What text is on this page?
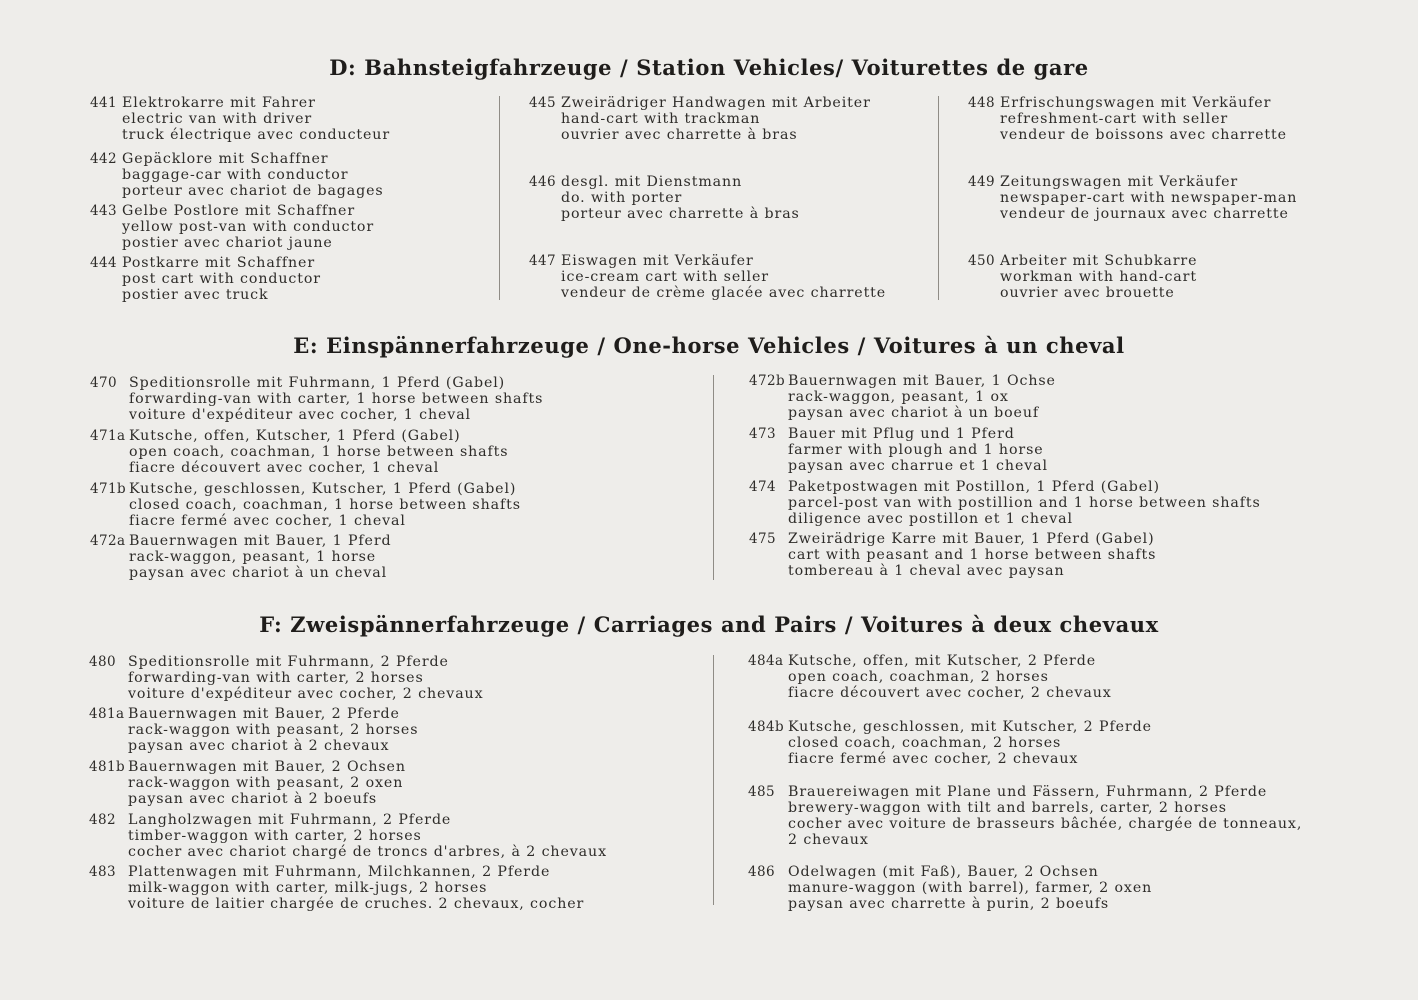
D: Bahnsteigfahrzeuge / Station Vehicles/ Voiturettes de gare
E: Einspännerfahrzeuge / One-horse Vehicles / Voitures à un cheval
F: Zweispännerfahrzeuge / Carriages and Pairs / Voitures à deux chevaux
441 Elektrokarre mit Fahrer
electric van with driver
truck électrique avec conducteur
442 Gepäcklore mit Schaffner
baggage-car with conductor
porteur avec chariot de bagages
443 Gelbe Postlore mit Schaffner
yellow post-van with conductor
postier avec chariot jaune
444 Postkarre mit Schaffner
post cart with conductor
postier avec truck
445 Zweirädriger Handwagen mit Arbeiter
hand-cart with trackman
ouvrier avec charrette à bras
446 desgl. mit Dienstmann
do. with porter
porteur avec charrette à bras
447 Eiswagen mit Verkäufer
ice-cream cart with seller
vendeur de crème glacée avec charrette
448 Erfrischungswagen mit Verkäufer
refreshment-cart with seller
vendeur de boissons avec charrette
449 Zeitungswagen mit Verkäufer
newspaper-cart with newspaper-man
vendeur de journaux avec charrette
450 Arbeiter mit Schubkarre
workman with hand-cart
ouvrier avec brouette
470 Speditionsrolle mit Fuhrmann, 1 Pferd (Gabel)
forwarding-van with carter, 1 horse between shafts
voiture d'expéditeur avec cocher, 1 cheval
471a Kutsche, offen, Kutscher, 1 Pferd (Gabel)
open coach, coachman, 1 horse between shafts
fiacre découvert avec cocher, 1 cheval
471b Kutsche, geschlossen, Kutscher, 1 Pferd (Gabel)
closed coach, coachman, 1 horse between shafts
fiacre fermé avec cocher, 1 cheval
472a Bauernwagen mit Bauer, 1 Pferd
rack-waggon, peasant, 1 horse
paysan avec chariot à un cheval
472b Bauernwagen mit Bauer, 1 Ochse
rack-waggon, peasant, 1 ox
paysan avec chariot à un boeuf
473 Bauer mit Pflug und 1 Pferd
farmer with plough and 1 horse
paysan avec charrue et 1 cheval
474 Paketpostwagen mit Postillon, 1 Pferd (Gabel)
parcel-post van with postillion and 1 horse between shafts
diligence avec postillon et 1 cheval
475 Zweirädrige Karre mit Bauer, 1 Pferd (Gabel)
cart with peasant and 1 horse between shafts
tombereau à 1 cheval avec paysan
480 Speditionsrolle mit Fuhrmann, 2 Pferde
forwarding-van with carter, 2 horses
voiture d'expéditeur avec cocher, 2 chevaux
481a Bauernwagen mit Bauer, 2 Pferde
rack-waggon with peasant, 2 horses
paysan avec chariot à 2 chevaux
481b Bauernwagen mit Bauer, 2 Ochsen
rack-waggon with peasant, 2 oxen
paysan avec chariot à 2 boeufs
482 Langholzwagen mit Fuhrmann, 2 Pferde
timber-waggon with carter, 2 horses
cocher avec chariot chargé de troncs d'arbres, à 2 chevaux
483 Plattenwagen mit Fuhrmann, Milchkannen, 2 Pferde
milk-waggon with carter, milk-jugs, 2 horses
voiture de laitier chargée de cruches. 2 chevaux, cocher
484a Kutsche, offen, mit Kutscher, 2 Pferde
open coach, coachman, 2 horses
fiacre découvert avec cocher, 2 chevaux
484b Kutsche, geschlossen, mit Kutscher, 2 Pferde
closed coach, coachman, 2 horses
fiacre fermé avec cocher, 2 chevaux
485 Brauereiwagen mit Plane und Fässern, Fuhrmann, 2 Pferde
brewery-waggon with tilt and barrels, carter, 2 horses
cocher avec voiture de brasseurs bâchée, chargée de tonneaux,
2 chevaux
486 Odelwagen (mit Faß), Bauer, 2 Ochsen
manure-waggon (with barrel), farmer, 2 oxen
paysan avec charrette à purin, 2 boeufs
